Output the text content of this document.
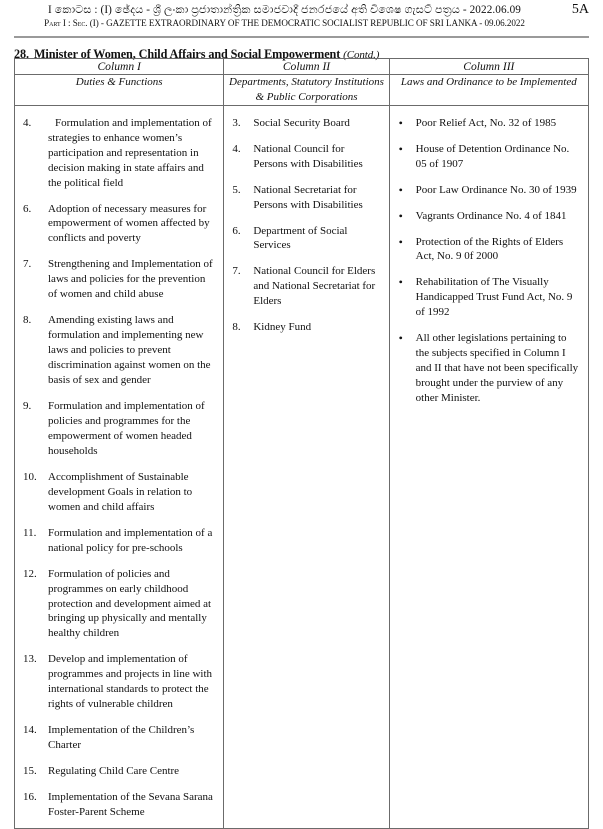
I කොටස : (I) ඡේදය - ශ්‍රී ලංකා ප්‍රජාතාන්ත්‍රික සමාජවාදී ජනරජයේ අති විශෙෂ ගැසට් පත්‍රය - 2022.06.09
Part I : Sec. (I) - GAZETTE EXTRAORDINARY OF THE DEMOCRATIC SOCIALIST REPUBLIC OF SRI LANKA - 09.06.2022
5A
28. Minister of Women, Child Affairs and Social Empowerment (Contd.)
Column I	Column II	Column III
Duties & Functions	Departments, Statutory Institutions & Public Corporations	Laws and Ordinance to be Implemented

4.	Formulation and implementation of strategies to enhance women’s participation and representation in decision making in state affairs and the political field
6.	Adoption of necessary measures for empowerment of women affected by conflicts and poverty
7.	Strengthening and Implementation of laws and policies for the prevention of women and child abuse
8.	Amending existing laws and formulation and implementing new laws and policies to prevent discrimination against women on the basis of sex and gender
9.	Formulation and implementation of policies and programmes for the empowerment of women headed households
10.	Accomplishment of Sustainable development Goals in relation to women and child affairs
11.	Formulation and implementation of a national policy for pre-schools
12.	Formulation of policies and programmes on early childhood protection and development aimed at bringing up physically and mentally healthy children
13.	Develop and implementation of programmes and projects in line with international standards to protect the rights of vulnerable children
14.	Implementation of the Children’s Charter
15.	Regulating Child Care Centre
16.	Implementation of the Sevana Sarana Foster-Parent Scheme

3.	Social Security Board
4.	National Council for Persons with Disabilities
5.	National Secretariat for Persons with Disabilities
6.	Department of Social Services
7.	National Council for Elders and National Secretariat for Elders
8.	Kidney Fund

•	Poor Relief Act, No. 32 of 1985
•	House of Detention Ordinance No. 05 of 1907
•	Poor Law Ordinance No. 30 of 1939
•	Vagrants Ordinance No. 4 of 1841
•	Protection of the Rights of Elders Act, No. 9 0f 2000
•	Rehabilitation of The Visually Handicapped Trust Fund Act, No. 9 of 1992
•	All other legislations pertaining to the subjects specified in Column I and II that have not been specifically brought under the purview of any other Minister.
